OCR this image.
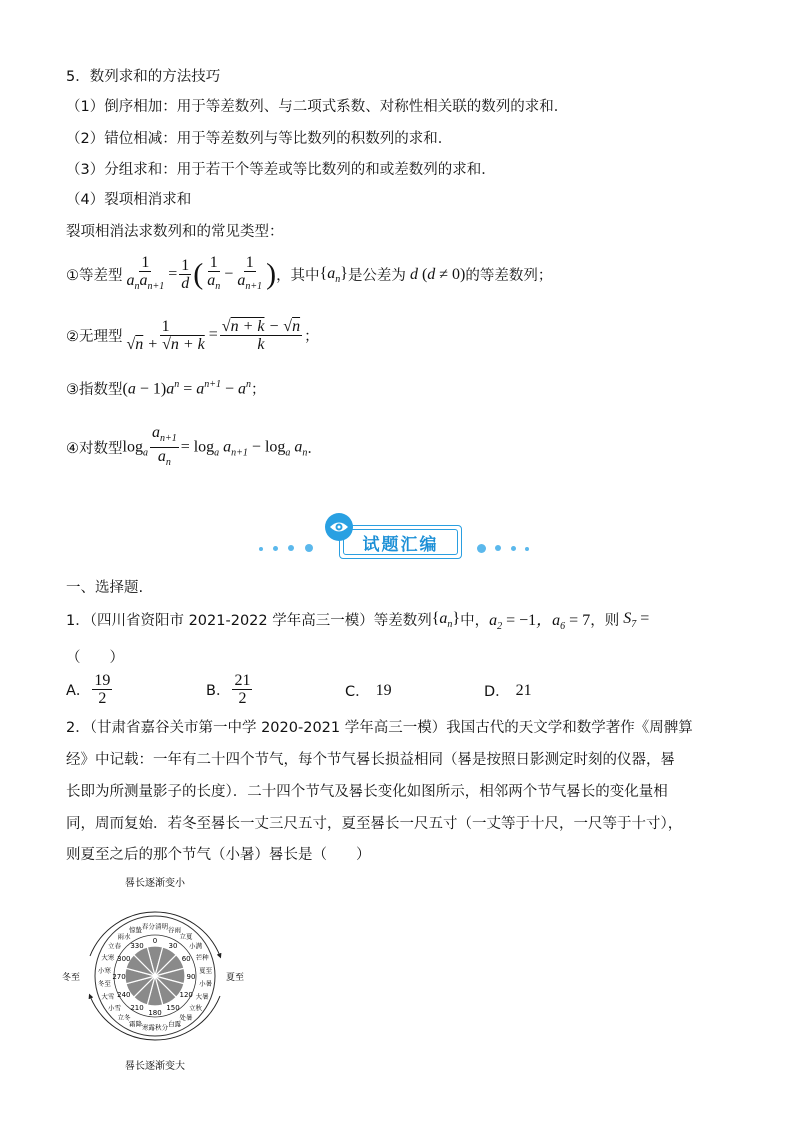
5．数列求和的方法技巧
（1）倒序相加：用于等差数列、与二项式系数、对称性相关联的数列的求和．
（2）错位相减：用于等差数列与等比数列的积数列的求和．
（3）分组求和：用于若干个等差或等比数列的和或差数列的求和．
（4）裂项相消求和
裂项相消法求数列和的常见类型：
①等差型 $\frac{1}{a_na_{n+1}} = \frac{1}{d}$ ( $\frac{1}{a_n} - \frac{1}{a_{n+1}}$ ) ，其中 $\{a_n\}$ 是公差为 d (d ≠ 0) 的等差数列；
②无理型 $\frac{1}{√n + √n + k} = \frac{√n + k - √n}{k}$ ；
③指数型 $(a - 1)a^n = a^{n+1} - a^n$ ；
④对数型 $\log_a \frac{a_{n+1}}{a_n} = \log_a a_{n+1} - \log_a a_n$ ．
试题汇编
一、选择题.
1．（四川省资阳市 2021-2022 学年高三一模）等差数列 $\{a_n\}$ 中， $a_2 = -1$，$a_6 = 7$ ，则 $S_7$ =
（　　）
A． $\frac{19}{2}$	B． $\frac{21}{2}$	C． 19	D． 21
2．（甘肃省嘉谷关市第一中学 2020-2021 学年高三一模）我国古代的天文学和数学著作《周髀算
经》中记载：一年有二十四个节气，每个节气晷长损益相同（晷是按照日影测定时刻的仪器，晷
长即为所测量影子的长度）．二十四个节气及晷长变化如图所示，相邻两个节气晷长的变化量相
同，周而复始．若冬至晷长一丈三尺五寸，夏至晷长一尺五寸（一丈等于十尺，一尺等于十寸），
则夏至之后的那个节气（小暑）晷长是（　　）
晷长逐渐变小
晷长逐渐变大
冬至	夏至
0
30
60
90
120
150
180
210
240
270
300
330
春分 清明 谷雨
立夏
小满
芒种
夏至
小暑
大暑
立秋
处暑
白露
秋分
寒露
霜降
立冬
小雪
大雪
冬至
小寒
大寒
立春
雨水
惊蛰
